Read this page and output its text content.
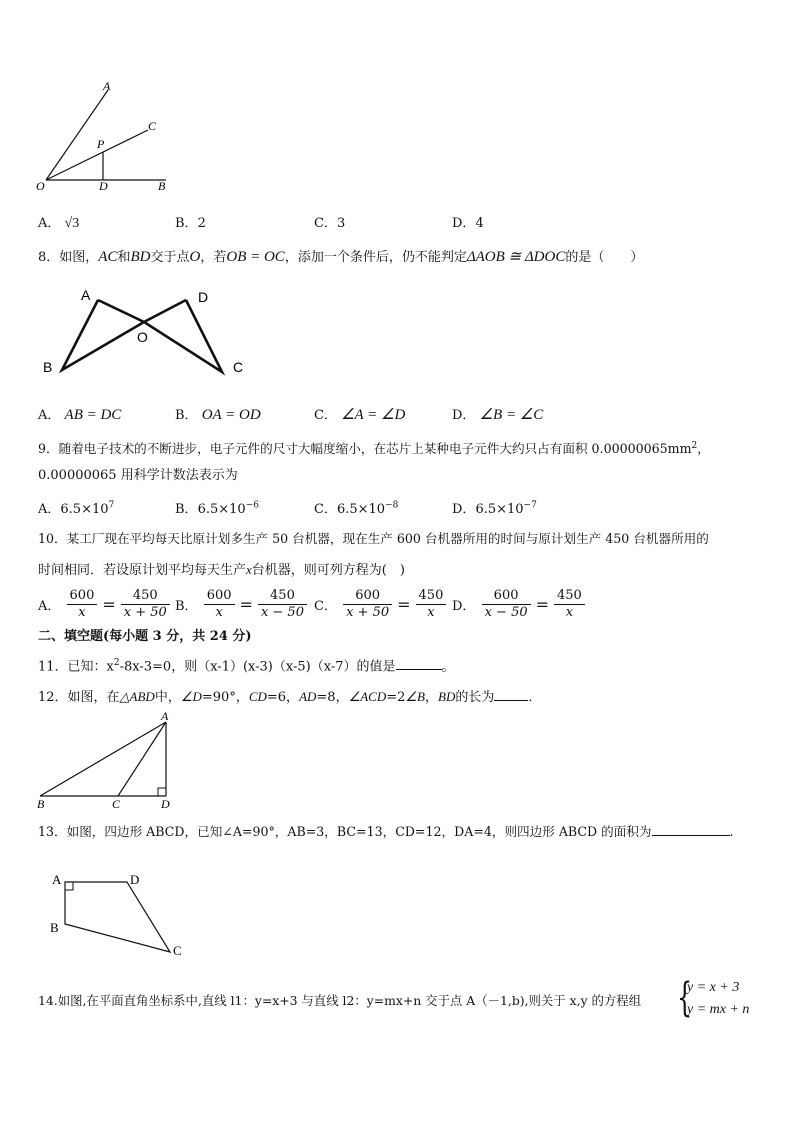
A
C
P
O	D	B
A． √3	B．2	C．3	D．4
8．如图，AC和BD交于点O，若OB = OC，添加一个条件后，仍不能判定ΔAOB ≅ ΔDOC的是（　　）
A	D
O
B	C
A． AB = DC	B． OA = OD	C． ∠A = ∠D	D． ∠B = ∠C
9．随着电子技术的不断进步，电子元件的尺寸大幅度缩小，在芯片上某种电子元件大约只占有面积 $0.00000065mm^2$，
0.00000065 用科学计数法表示为
A．$6.5\times 10^7$	B．$6.5\times 10^{-6}$	C．$6.5\times 10^{-8}$	D．$6.5\times 10^{-7}$
10．某工厂现在平均每天比原计划多生产 50 台机器，现在生产 600 台机器所用的时间与原计划生产 450 台机器所用的
时间相同．若设原计划平均每天生产x台机器，则可列方程为(　)
A． $\frac{600}{x} = \frac{450}{x + 50}$ B． $\frac{600}{x} = \frac{450}{x - 50}$ C． $\frac{600}{x + 50} = \frac{450}{x}$ D． $\frac{600}{x - 50} = \frac{450}{x}$
二、填空题(每小题 3 分，共 24 分)
11．已知：$x^2-8x-3=0$，则（x-1）(x-3)（x-5)（x-7）的值是	。
12．如图，在△ABD中，∠D=90°，CD=6，AD=8，∠ACD=2∠B，BD的长为	．
A
B	C	D
13．如图，四边形 ABCD，已知∠A=90°，AB=3，BC=13，CD=12，DA=4，则四边形 ABCD 的面积为	.
A	D
B
C
14.如图,在平面直角坐标系中,直线 l1：y=x+3 与直线 l2：y=mx+n 交于点 A（－1,b),则关于 x,y 的方程组 {
y = x + 3
y = mx + n
